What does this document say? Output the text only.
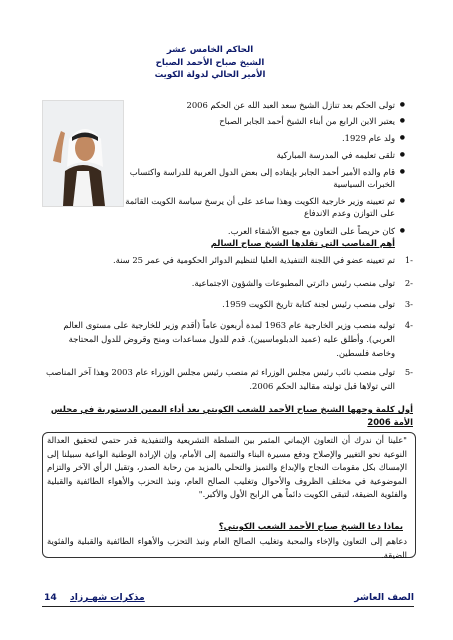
الحاكم الخامس عشر
الشيخ صباح الأحمد الصباح
الأمير الحالي لدولة الكويت
تولى الحكم بعد تنازل الشيخ سعد العبد الله عن الحكم 2006 ●
يعتبر الابن الرابع من أبناء الشيخ أحمد الجابر الصباح ●
ولد عام 1929. ●
تلقى تعليمه في المدرسة المباركية ●
قام والده الأمير أحمد الجابر بإيفاده إلى بعض الدول العربية للدراسة واكتساب الخبرات السياسية ●
تم تعيينه وزير خارجية الكويت وهذا ساعد على أن يرسخ سياسة الكويت القائمة على التوازن وعدم الاندفاع ●
كان حريصاً على التعاون مع جميع الأشقاء العرب. ●
أهم المناصب التي تقلدها الشيخ صباح السالم
-1
تم تعيينه عضو في اللجنة التنفيذية العليا لتنظيم الدوائر الحكومية في عمر 25 سنة.
-2
تولى منصب رئيس دائرتي المطبوعات والشؤون الاجتماعية.
-3
تولى منصب رئيس لجنة كتابة تاريخ الكويت 1959.
-4
توليه منصب وزير الخارجية عام 1963 لمدة أربعون عاماً (أقدم وزير للخارجية على مستوى العالم العربي). وأطلق عليه (عميد الدبلوماسيين). قدم للدول مساعدات ومنح وقروض للدول المحتاجة وخاصة فلسطين.
-5
تولى منصب نائب رئيس مجلس الوزراء ثم منصب رئيس مجلس الوزراء عام 2003 وهذا آخر المناصب التي تولاها قبل توليته مقاليد الحكم 2006.
أول كلمة وجهها الشيخ صباح الأحمد للشعب الكويتي بعد أداء اليمين الدستورية في مجلس الأمة 2006
"علينا أن ندرك أن التعاون الإيماني المثمر بين السلطة التشريعية والتنفيذية قدر حتمي لتحقيق العدالة النوعية نحو التغيير والإصلاح ودفع مسيرة البناء والتنمية إلى الأمام، وإن الإرادة الوطنية الواعية سبيلنا إلى الإمساك بكل مقومات النجاح والإبداع والتميز والتحلي بالمزيد من رحابة الصدر، وتقبل الرأي الآخر والتزام الموضوعية في مختلف الظروف والأحوال وتغليب الصالح العام، ونبذ التحزب والأهواء الطائفية والقبلية والفئوية الضيقة، لتبقى الكويت دائماً هي الرابح الأول والأكبر."
بماذا دعا الشيخ صباح الأحمد الشعب الكويتي؟
دعاهم إلى التعاون والإخاء والمحبة وتغليب الصالح العام ونبذ التحزب والأهواء الطائفية والقبلية والفئوية الضيقة.
الصف العاشر
مذكرات شهـرزاد
14
